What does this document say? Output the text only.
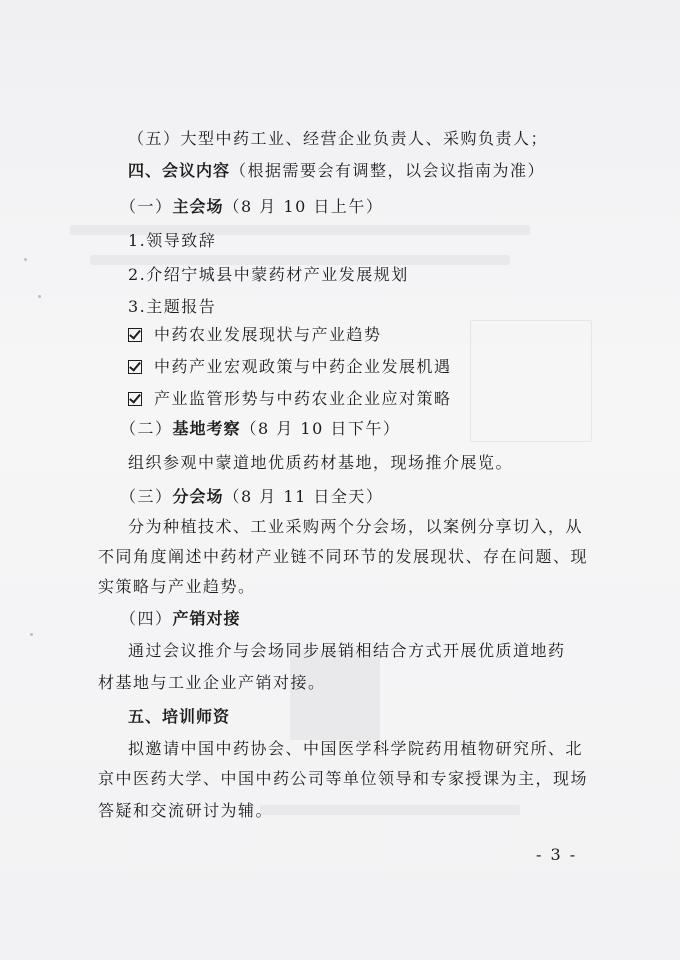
（五）大型中药工业、经营企业负责人、采购负责人；
四、会议内容（根据需要会有调整，以会议指南为准）
（一）主会场（8 月 10 日上午）
1.领导致辞
2.介绍宁城县中蒙药材产业发展规划
3.主题报告
中药农业发展现状与产业趋势
中药产业宏观政策与中药企业发展机遇
产业监管形势与中药农业企业应对策略
（二）基地考察（8 月 10 日下午）
组织参观中蒙道地优质药材基地，现场推介展览。
（三）分会场（8 月 11 日全天）
分为种植技术、工业采购两个分会场，以案例分享切入，从
不同角度阐述中药材产业链不同环节的发展现状、存在问题、现
实策略与产业趋势。
（四）产销对接
通过会议推介与会场同步展销相结合方式开展优质道地药
材基地与工业企业产销对接。
五、培训师资
拟邀请中国中药协会、中国医学科学院药用植物研究所、北
京中医药大学、中国中药公司等单位领导和专家授课为主，现场
答疑和交流研讨为辅。
- 3 -
